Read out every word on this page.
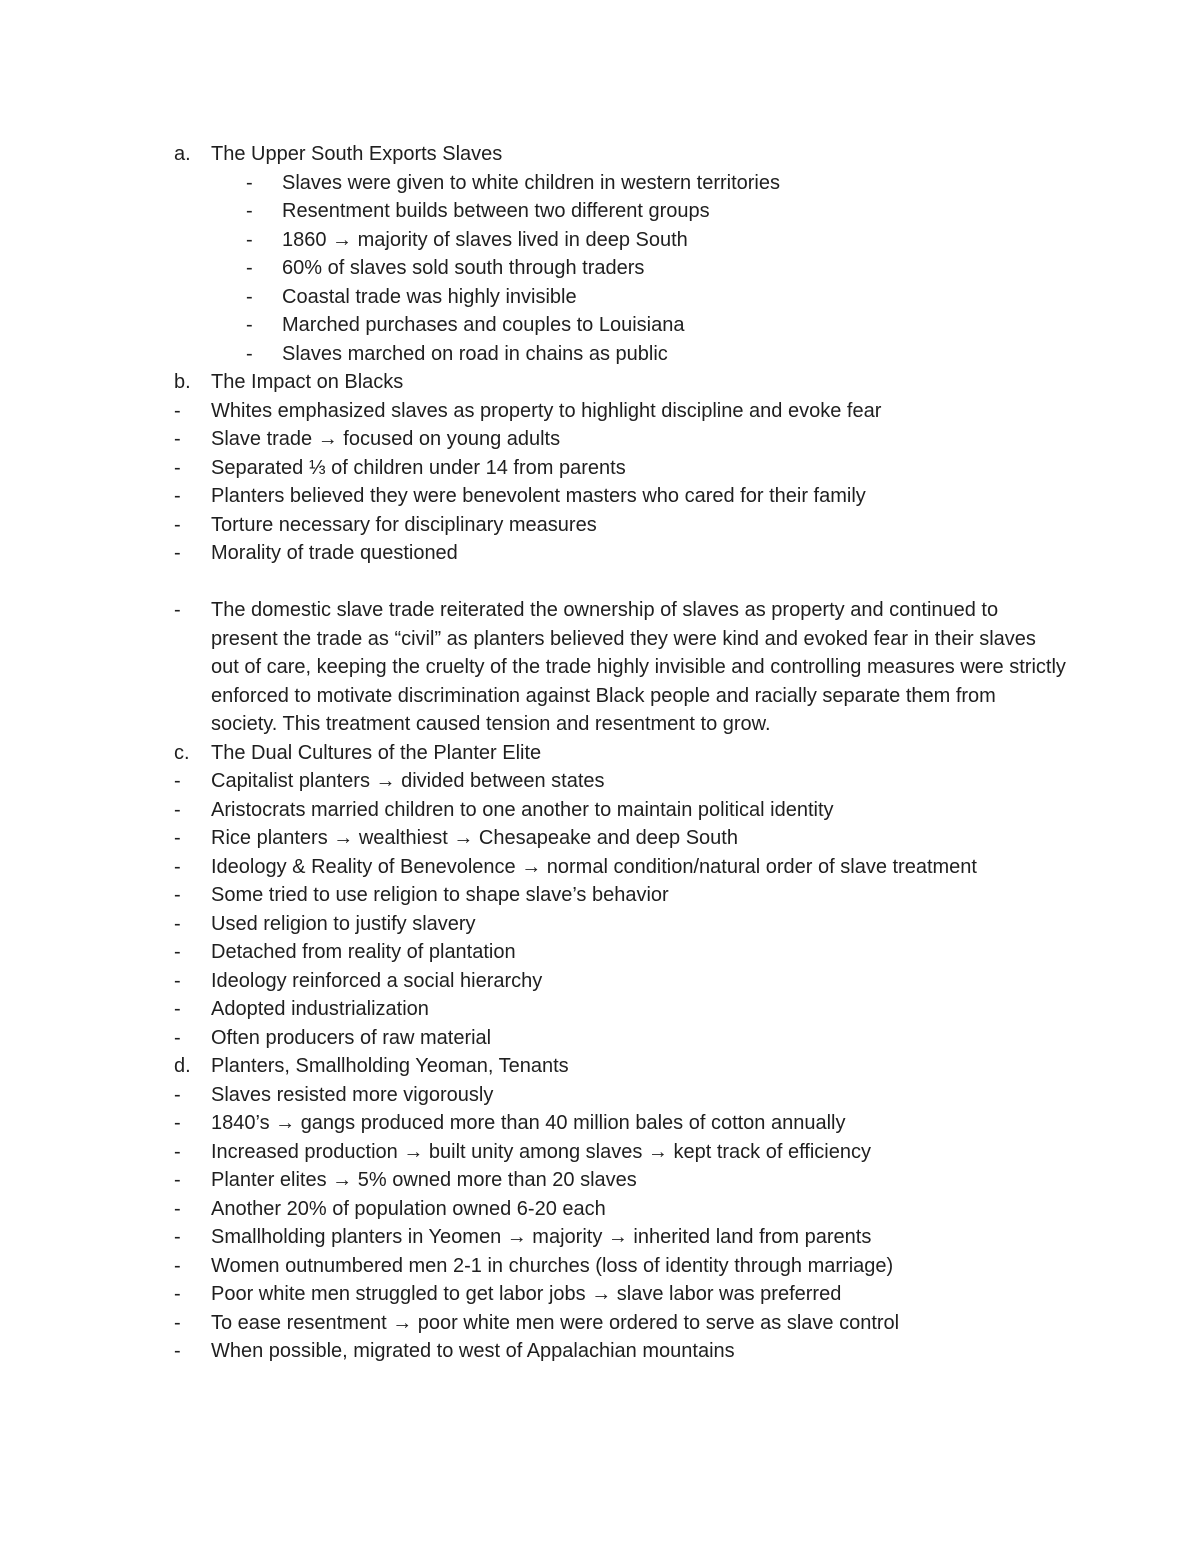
a. The Upper South Exports Slaves
- Slaves were given to white children in western territories
- Resentment builds between two different groups
- 1860 → majority of slaves lived in deep South
- 60% of slaves sold south through traders
- Coastal trade was highly invisible
- Marched purchases and couples to Louisiana
- Slaves marched on road in chains as public
b. The Impact on Blacks
- Whites emphasized slaves as property to highlight discipline and evoke fear
- Slave trade → focused on young adults
- Separated ⅓ of children under 14 from parents
- Planters believed they were benevolent masters who cared for their family
- Torture necessary for disciplinary measures
- Morality of trade questioned
- The domestic slave trade reiterated the ownership of slaves as property and continued to present the trade as “civil” as planters believed they were kind and evoked fear in their slaves out of care, keeping the cruelty of the trade highly invisible and controlling measures were strictly enforced to motivate discrimination against Black people and racially separate them from society. This treatment caused tension and resentment to grow.
c. The Dual Cultures of the Planter Elite
- Capitalist planters → divided between states
- Aristocrats married children to one another to maintain political identity
- Rice planters → wealthiest → Chesapeake and deep South
- Ideology & Reality of Benevolence → normal condition/natural order of slave treatment
- Some tried to use religion to shape slave’s behavior
- Used religion to justify slavery
- Detached from reality of plantation
- Ideology reinforced a social hierarchy
- Adopted industrialization
- Often producers of raw material
d. Planters, Smallholding Yeoman, Tenants
- Slaves resisted more vigorously
- 1840’s → gangs produced more than 40 million bales of cotton annually
- Increased production → built unity among slaves → kept track of efficiency
- Planter elites → 5% owned more than 20 slaves
- Another 20% of population owned 6-20 each
- Smallholding planters in Yeomen → majority → inherited land from parents
- Women outnumbered men 2-1 in churches (loss of identity through marriage)
- Poor white men struggled to get labor jobs → slave labor was preferred
- To ease resentment → poor white men were ordered to serve as slave control
- When possible, migrated to west of Appalachian mountains
